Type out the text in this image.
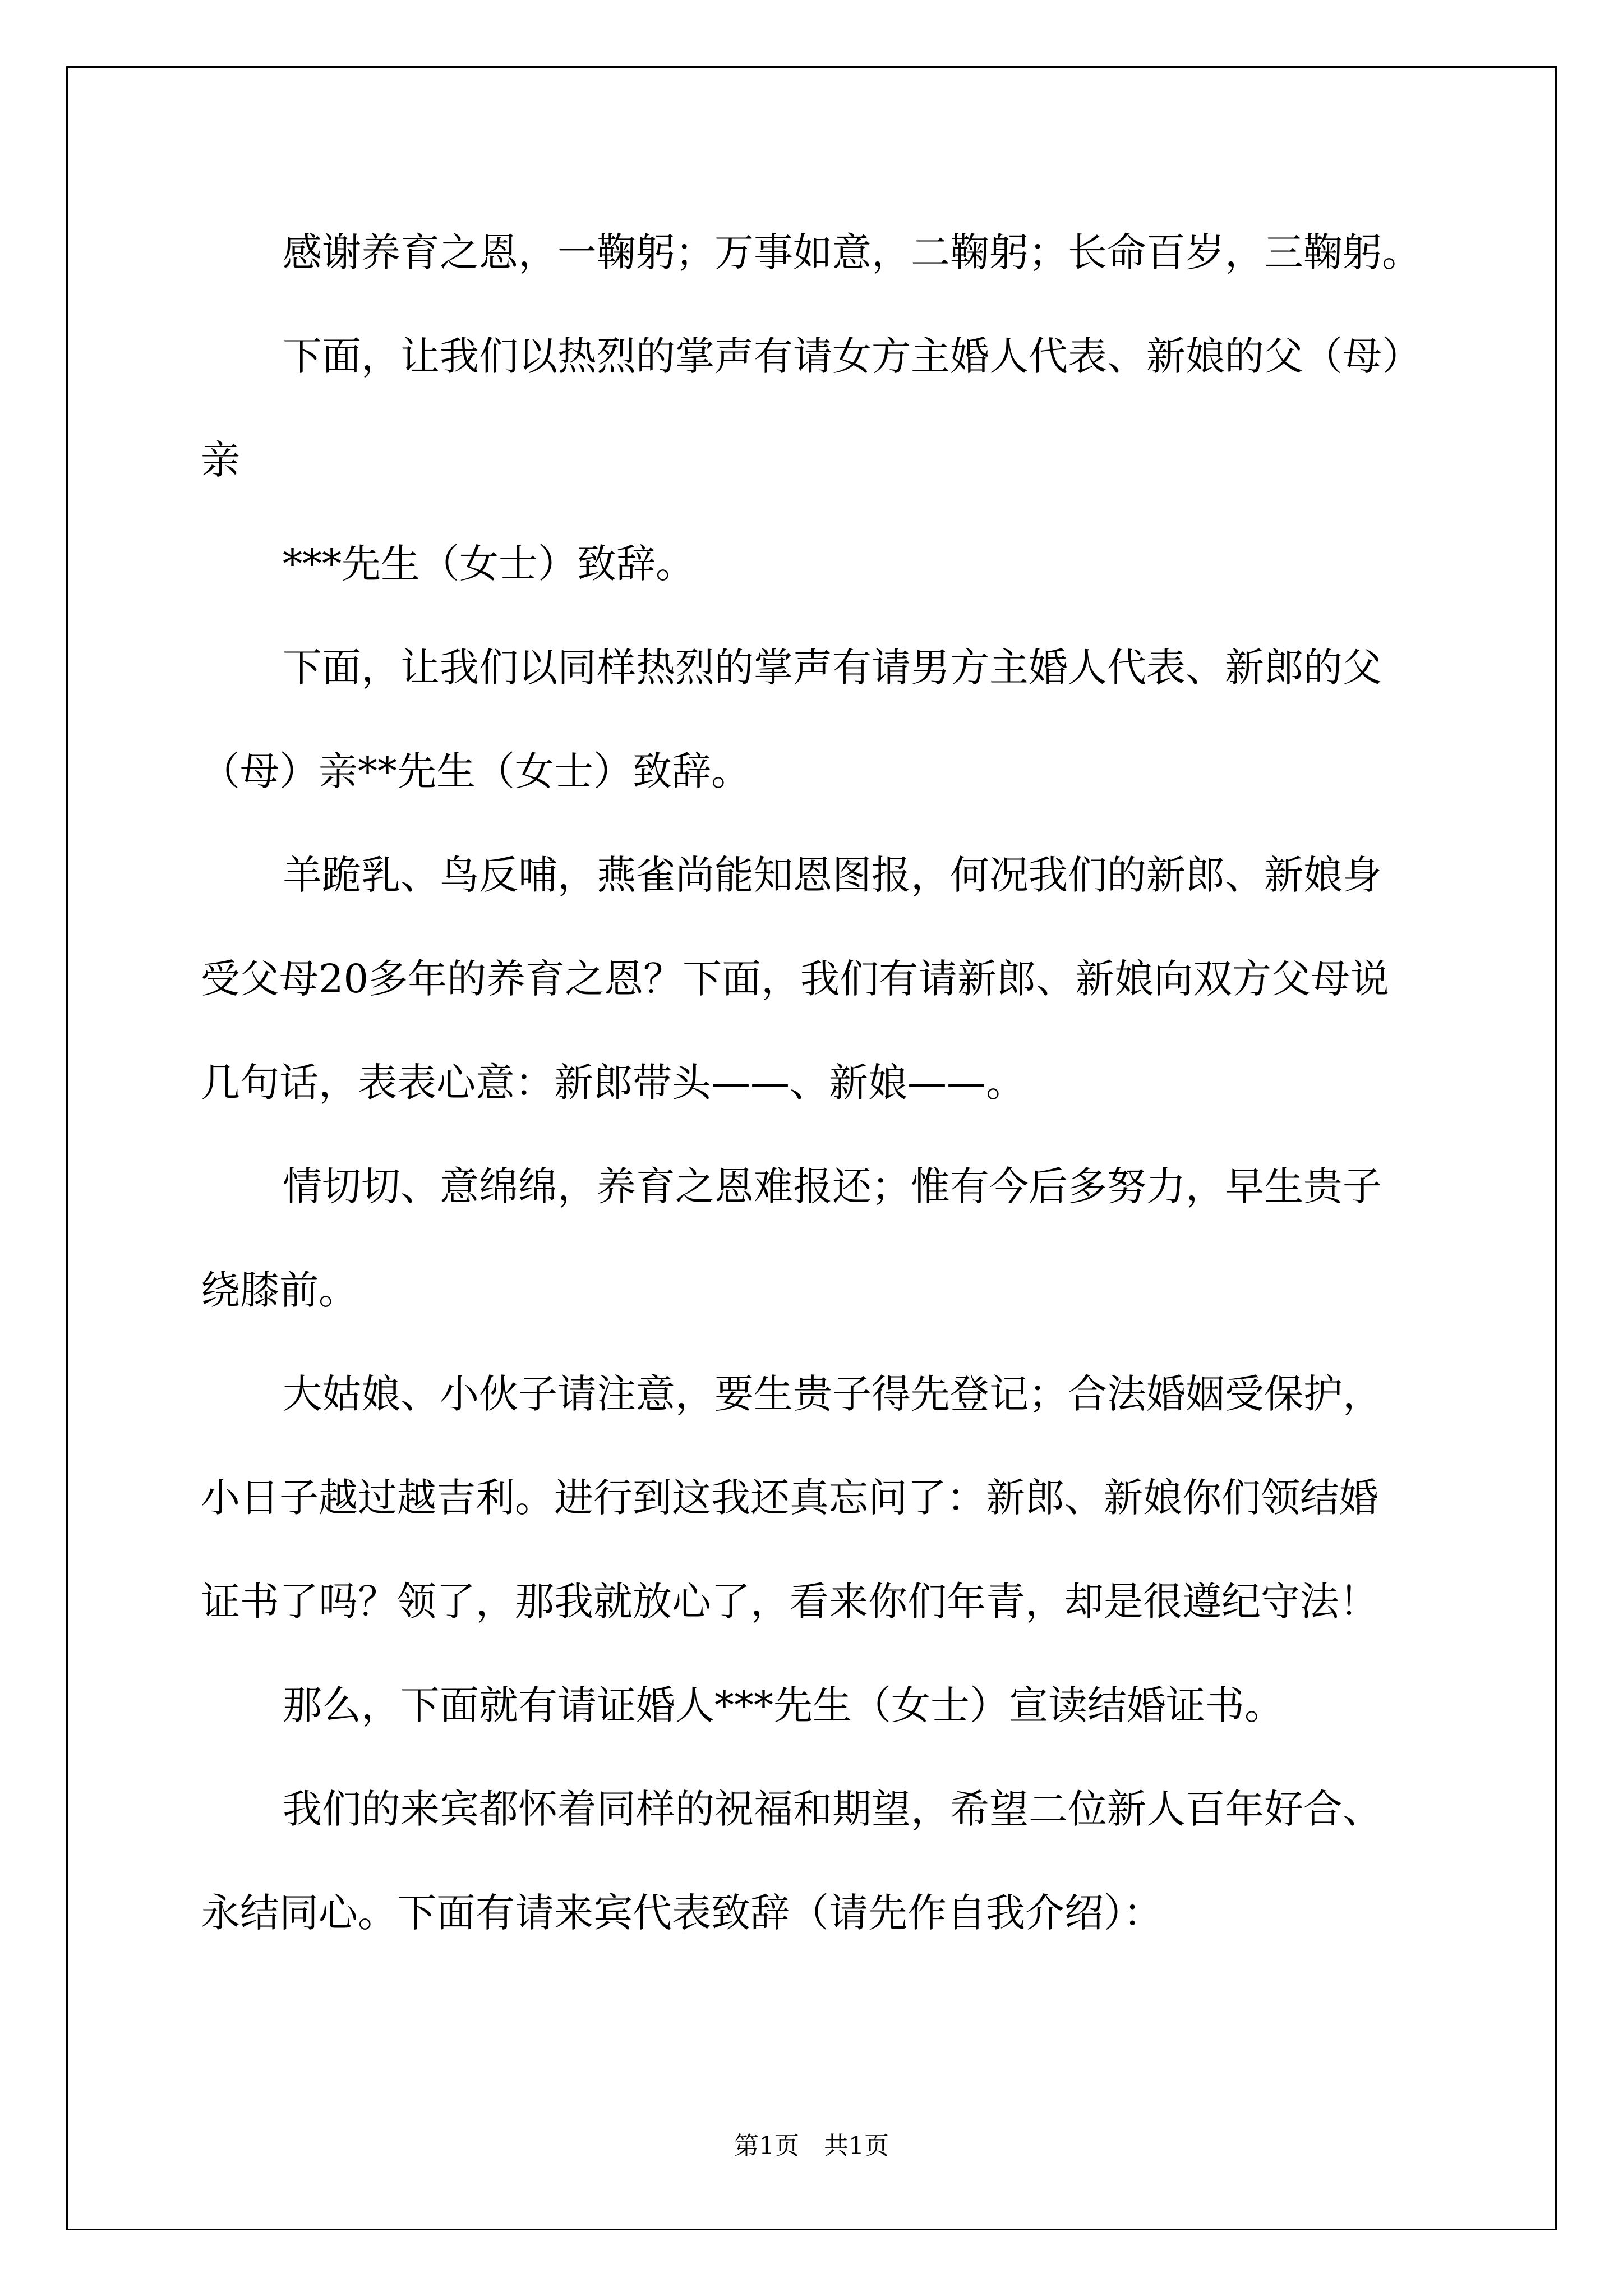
感谢养育之恩，一鞠躬；万事如意，二鞠躬；长命百岁，三鞠躬。
下面，让我们以热烈的掌声有请女方主婚人代表、新娘的父（母）
亲
***先生（女士）致辞。
下面，让我们以同样热烈的掌声有请男方主婚人代表、新郎的父
（母）亲**先生（女士）致辞。
羊跪乳、鸟反哺，燕雀尚能知恩图报，何况我们的新郎、新娘身
受父母20多年的养育之恩？下面，我们有请新郎、新娘向双方父母说
几句话，表表心意：新郎带头——、新娘——。
情切切、意绵绵，养育之恩难报还；惟有今后多努力，早生贵子
绕膝前。
大姑娘、小伙子请注意，要生贵子得先登记；合法婚姻受保护，
小日子越过越吉利。进行到这我还真忘问了：新郎、新娘你们领结婚
证书了吗？领了，那我就放心了，看来你们年青，却是很遵纪守法！
那么，下面就有请证婚人***先生（女士）宣读结婚证书。
我们的来宾都怀着同样的祝福和期望，希望二位新人百年好合、
永结同心。下面有请来宾代表致辞（请先作自我介绍）：
第1页　共1页
